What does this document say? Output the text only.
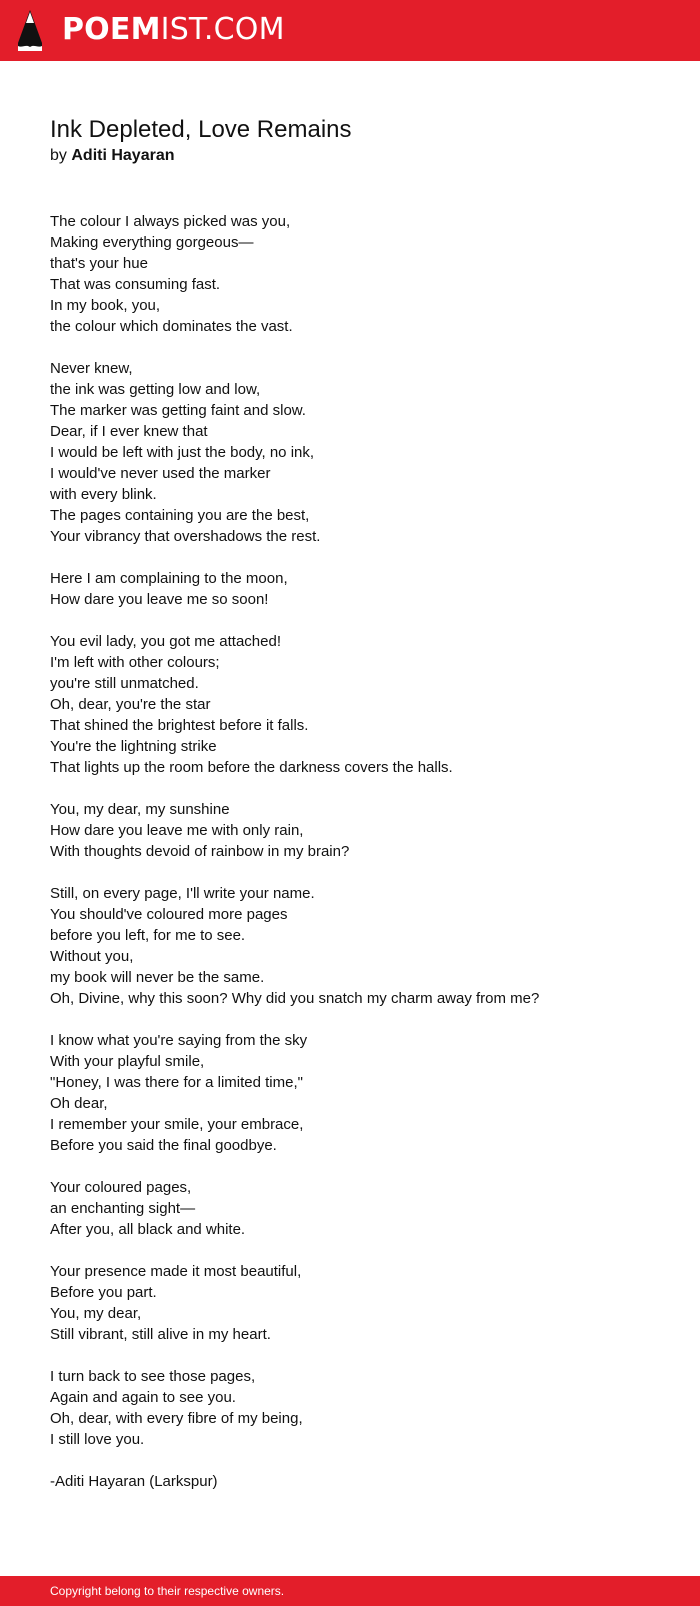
POEMIST.COM
Ink Depleted, Love Remains
by Aditi Hayaran
The colour I always picked was you,
Making everything gorgeous—
that's your hue
That was consuming fast.
In my book, you,
the colour which dominates the vast.
Never knew,
the ink was getting low and low,
The marker was getting faint and slow.
Dear, if I ever knew that
I would be left with just the body, no ink,
I would've never used the marker
with every blink.
The pages containing you are the best,
Your vibrancy that overshadows the rest.
Here I am complaining to the moon,
How dare you leave me so soon!
You evil lady, you got me attached!
I'm left with other colours;
you're still unmatched.
Oh, dear, you're the star
That shined the brightest before it falls.
You're the lightning strike
That lights up the room before the darkness covers the halls.
You, my dear, my sunshine
How dare you leave me with only rain,
With thoughts devoid of rainbow in my brain?
Still, on every page, I'll write your name.
You should've coloured more pages
before you left, for me to see.
Without you,
my book will never be the same.
Oh, Divine, why this soon? Why did you snatch my charm away from me?
I know what you're saying from the sky
With your playful smile,
"Honey, I was there for a limited time,"
Oh dear,
I remember your smile, your embrace,
Before you said the final goodbye.
Your coloured pages,
an enchanting sight—
After you, all black and white.
Your presence made it most beautiful,
Before you part.
You, my dear,
Still vibrant, still alive in my heart.
I turn back to see those pages,
Again and again to see you.
Oh, dear, with every fibre of my being,
I still love you.
-Aditi Hayaran (Larkspur)
Copyright belong to their respective owners.
